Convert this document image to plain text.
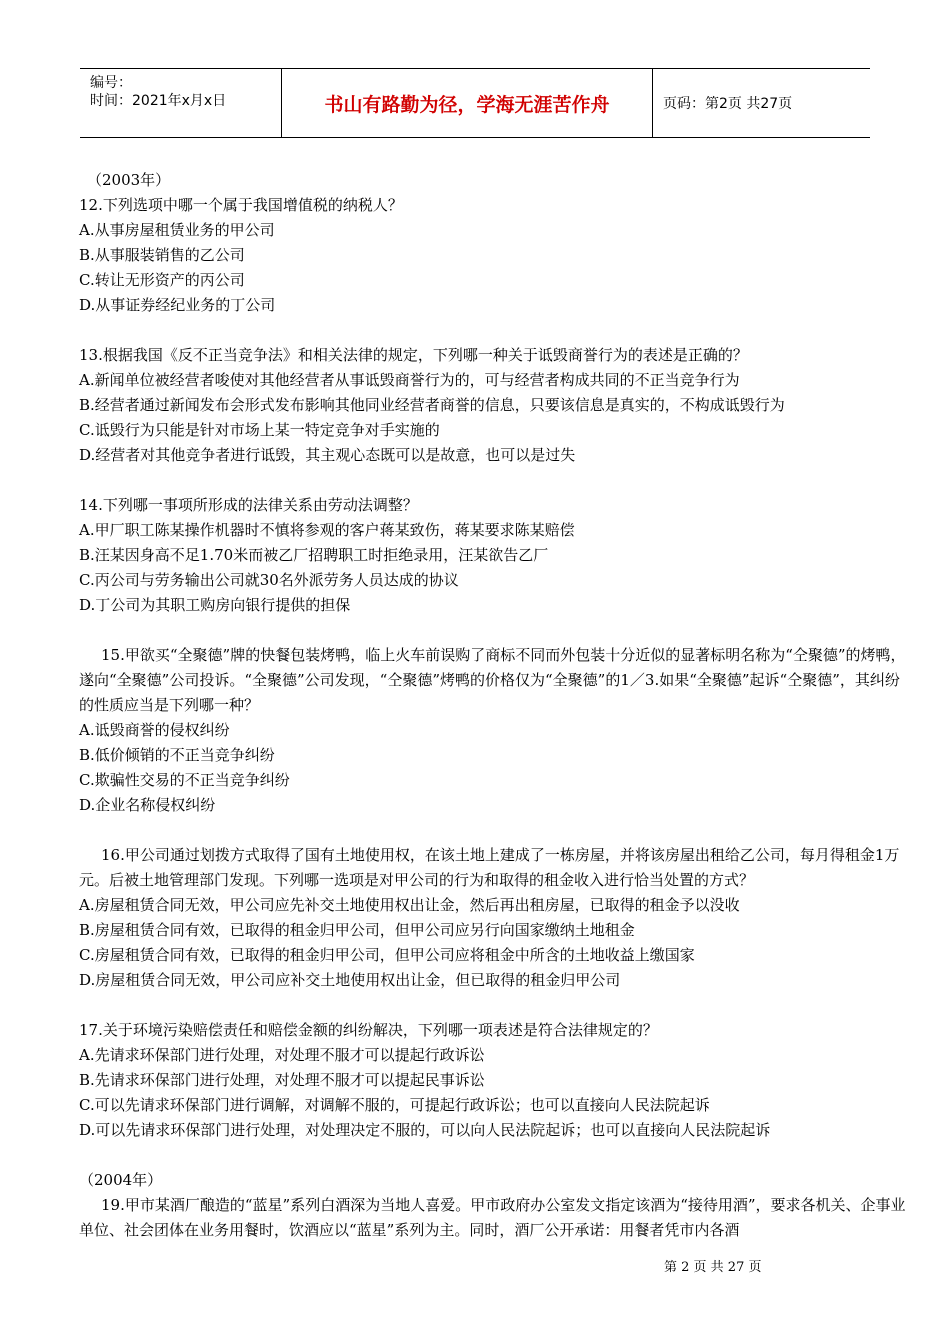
编号：
时间：2021年x月x日	书山有路勤为径，学海无涯苦作舟	页码：第2页 共27页

（2003年）

12.下列选项中哪一个属于我国增值税的纳税人？

A.从事房屋租赁业务的甲公司

B.从事服装销售的乙公司

C.转让无形资产的丙公司

D.从事证券经纪业务的丁公司

13.根据我国《反不正当竞争法》和相关法律的规定，下列哪一种关于诋毁商誉行为的表述是正确的？

A.新闻单位被经营者唆使对其他经营者从事诋毁商誉行为的，可与经营者构成共同的不正当竞争行为

B.经营者通过新闻发布会形式发布影响其他同业经营者商誉的信息，只要该信息是真实的，不构成诋毁行为

C.诋毁行为只能是针对市场上某一特定竞争对手实施的

D.经营者对其他竞争者进行诋毁，其主观心态既可以是故意，也可以是过失

14.下列哪一事项所形成的法律关系由劳动法调整？

A.甲厂职工陈某操作机器时不慎将参观的客户蒋某致伤，蒋某要求陈某赔偿

B.汪某因身高不足1.70米而被乙厂招聘职工时拒绝录用，汪某欲告乙厂

C.丙公司与劳务输出公司就30名外派劳务人员达成的协议

D.丁公司为其职工购房向银行提供的担保

15.甲欲买“全聚德”牌的快餐包装烤鸭，临上火车前误购了商标不同而外包装十分近似的显著标明名称为“仝聚德”的烤鸭，遂向“全聚德”公司投诉。“全聚德”公司发现，“仝聚德”烤鸭的价格仅为“全聚德”的1／3.如果“全聚德”起诉“仝聚德”，其纠纷的性质应当是下列哪一种？

A.诋毁商誉的侵权纠纷

B.低价倾销的不正当竞争纠纷

C.欺骗性交易的不正当竞争纠纷

D.企业名称侵权纠纷

16.甲公司通过划拨方式取得了国有土地使用权，在该土地上建成了一栋房屋，并将该房屋出租给乙公司，每月得租金1万元。后被土地管理部门发现。下列哪一选项是对甲公司的行为和取得的租金收入进行恰当处置的方式？

A.房屋租赁合同无效，甲公司应先补交土地使用权出让金，然后再出租房屋，已取得的租金予以没收

B.房屋租赁合同有效，已取得的租金归甲公司，但甲公司应另行向国家缴纳土地租金

C.房屋租赁合同有效，已取得的租金归甲公司，但甲公司应将租金中所含的土地收益上缴国家

D.房屋租赁合同无效，甲公司应补交土地使用权出让金，但已取得的租金归甲公司

17.关于环境污染赔偿责任和赔偿金额的纠纷解决，下列哪一项表述是符合法律规定的？

A.先请求环保部门进行处理，对处理不服才可以提起行政诉讼

B.先请求环保部门进行处理，对处理不服才可以提起民事诉讼

C.可以先请求环保部门进行调解，对调解不服的，可提起行政诉讼；也可以直接向人民法院起诉

D.可以先请求环保部门进行处理，对处理决定不服的，可以向人民法院起诉；也可以直接向人民法院起诉

（2004年）

19.甲市某酒厂酿造的“蓝星”系列白酒深为当地人喜爱。甲市政府办公室发文指定该酒为“接待用酒”，要求各机关、企事业单位、社会团体在业务用餐时，饮酒应以“蓝星”系列为主。同时，酒厂公开承诺：用餐者凭市内各酒

第 2 页 共 27 页
